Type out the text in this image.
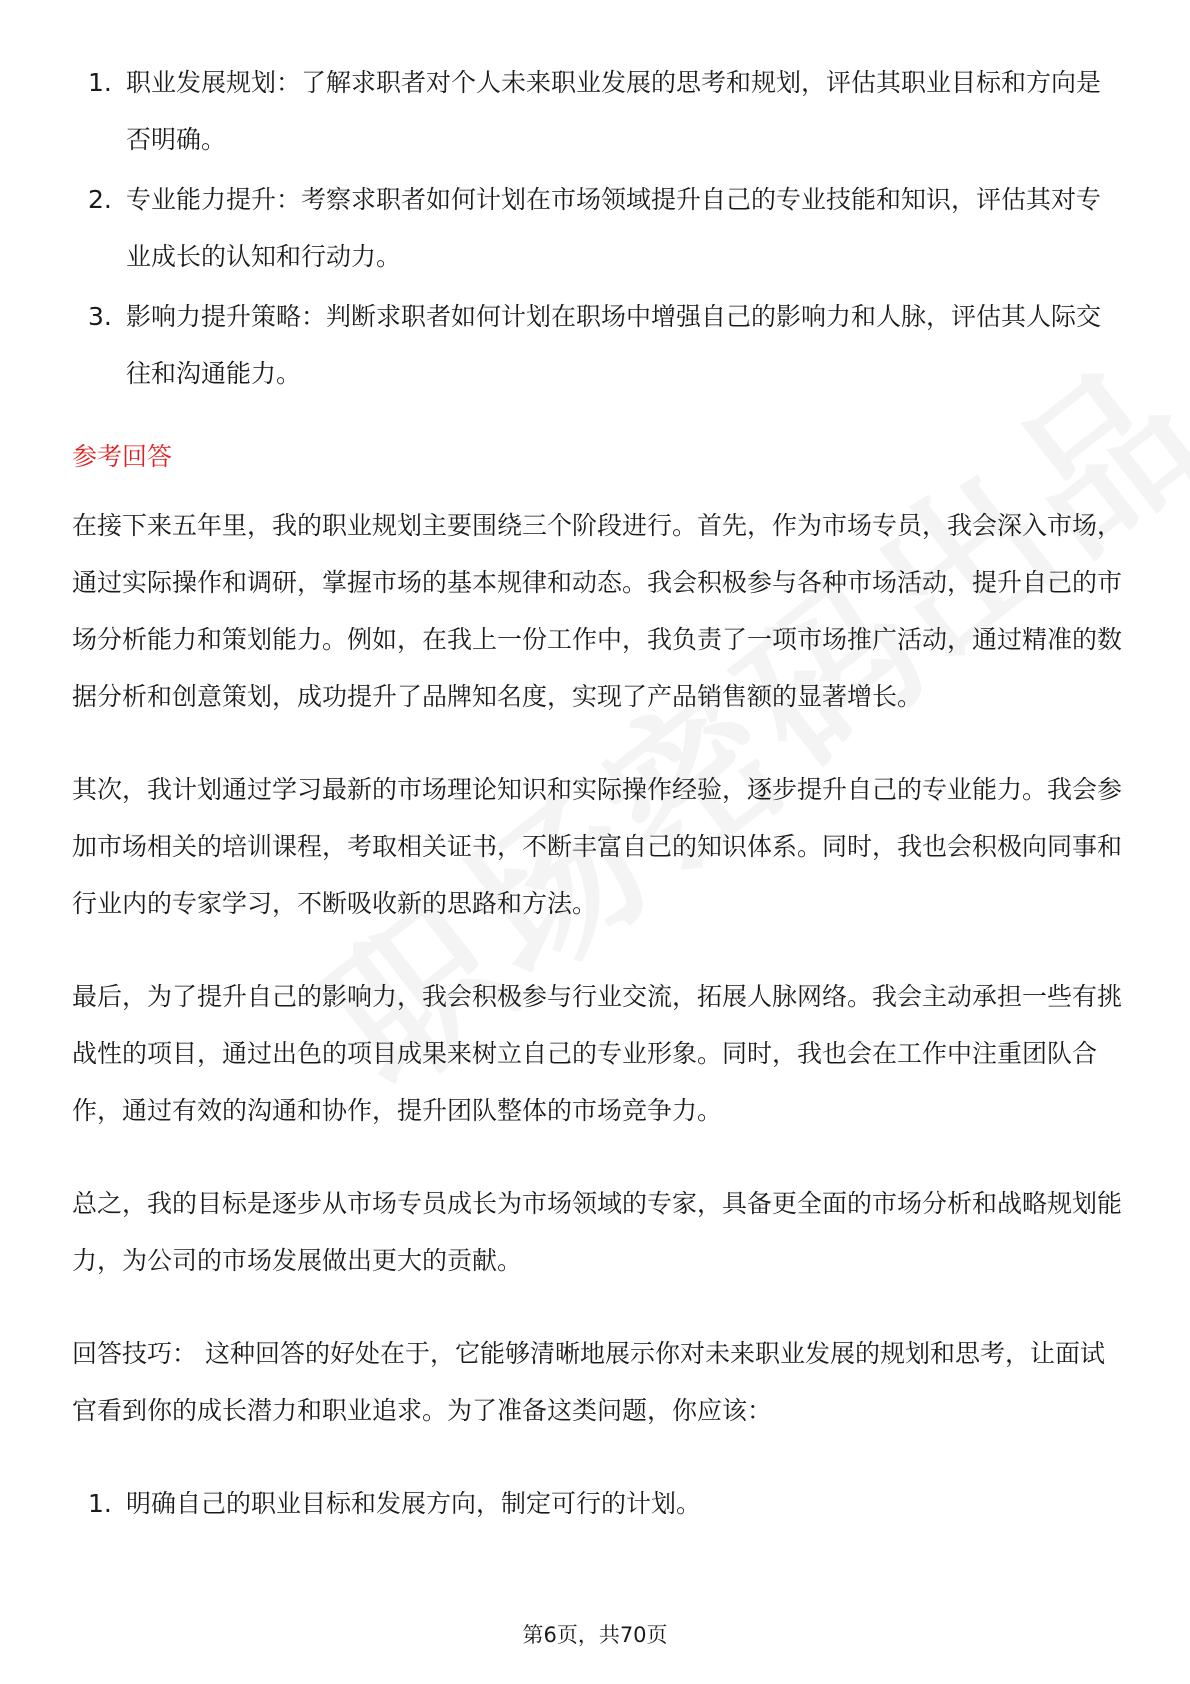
1. 职业发展规划：了解求职者对个人未来职业发展的思考和规划，评估其职业目标和方向是否明确。
2. 专业能力提升：考察求职者如何计划在市场领域提升自己的专业技能和知识，评估其对专业成长的认知和行动力。
3. 影响力提升策略：判断求职者如何计划在职场中增强自己的影响力和人脉，评估其人际交往和沟通能力。
参考回答

在接下来五年里，我的职业规划主要围绕三个阶段进行。首先，作为市场专员，我会深入市场，通过实际操作和调研，掌握市场的基本规律和动态。我会积极参与各种市场活动，提升自己的市场分析能力和策划能力。例如，在我上一份工作中，我负责了一项市场推广活动，通过精准的数据分析和创意策划，成功提升了品牌知名度，实现了产品销售额的显著增长。

其次，我计划通过学习最新的市场理论知识和实际操作经验，逐步提升自己的专业能力。我会参加市场相关的培训课程，考取相关证书，不断丰富自己的知识体系。同时，我也会积极向同事和行业内的专家学习，不断吸收新的思路和方法。

最后，为了提升自己的影响力，我会积极参与行业交流，拓展人脉网络。我会主动承担一些有挑战性的项目，通过出色的项目成果来树立自己的专业形象。同时，我也会在工作中注重团队合作，通过有效的沟通和协作，提升团队整体的市场竞争力。

总之，我的目标是逐步从市场专员成长为市场领域的专家，具备更全面的市场分析和战略规划能力，为公司的市场发展做出更大的贡献。

回答技巧： 这种回答的好处在于，它能够清晰地展示你对未来职业发展的规划和思考，让面试官看到你的成长潜力和职业追求。为了准备这类问题，你应该：

1. 明确自己的职业目标和发展方向，制定可行的计划。
第6页，共70页
